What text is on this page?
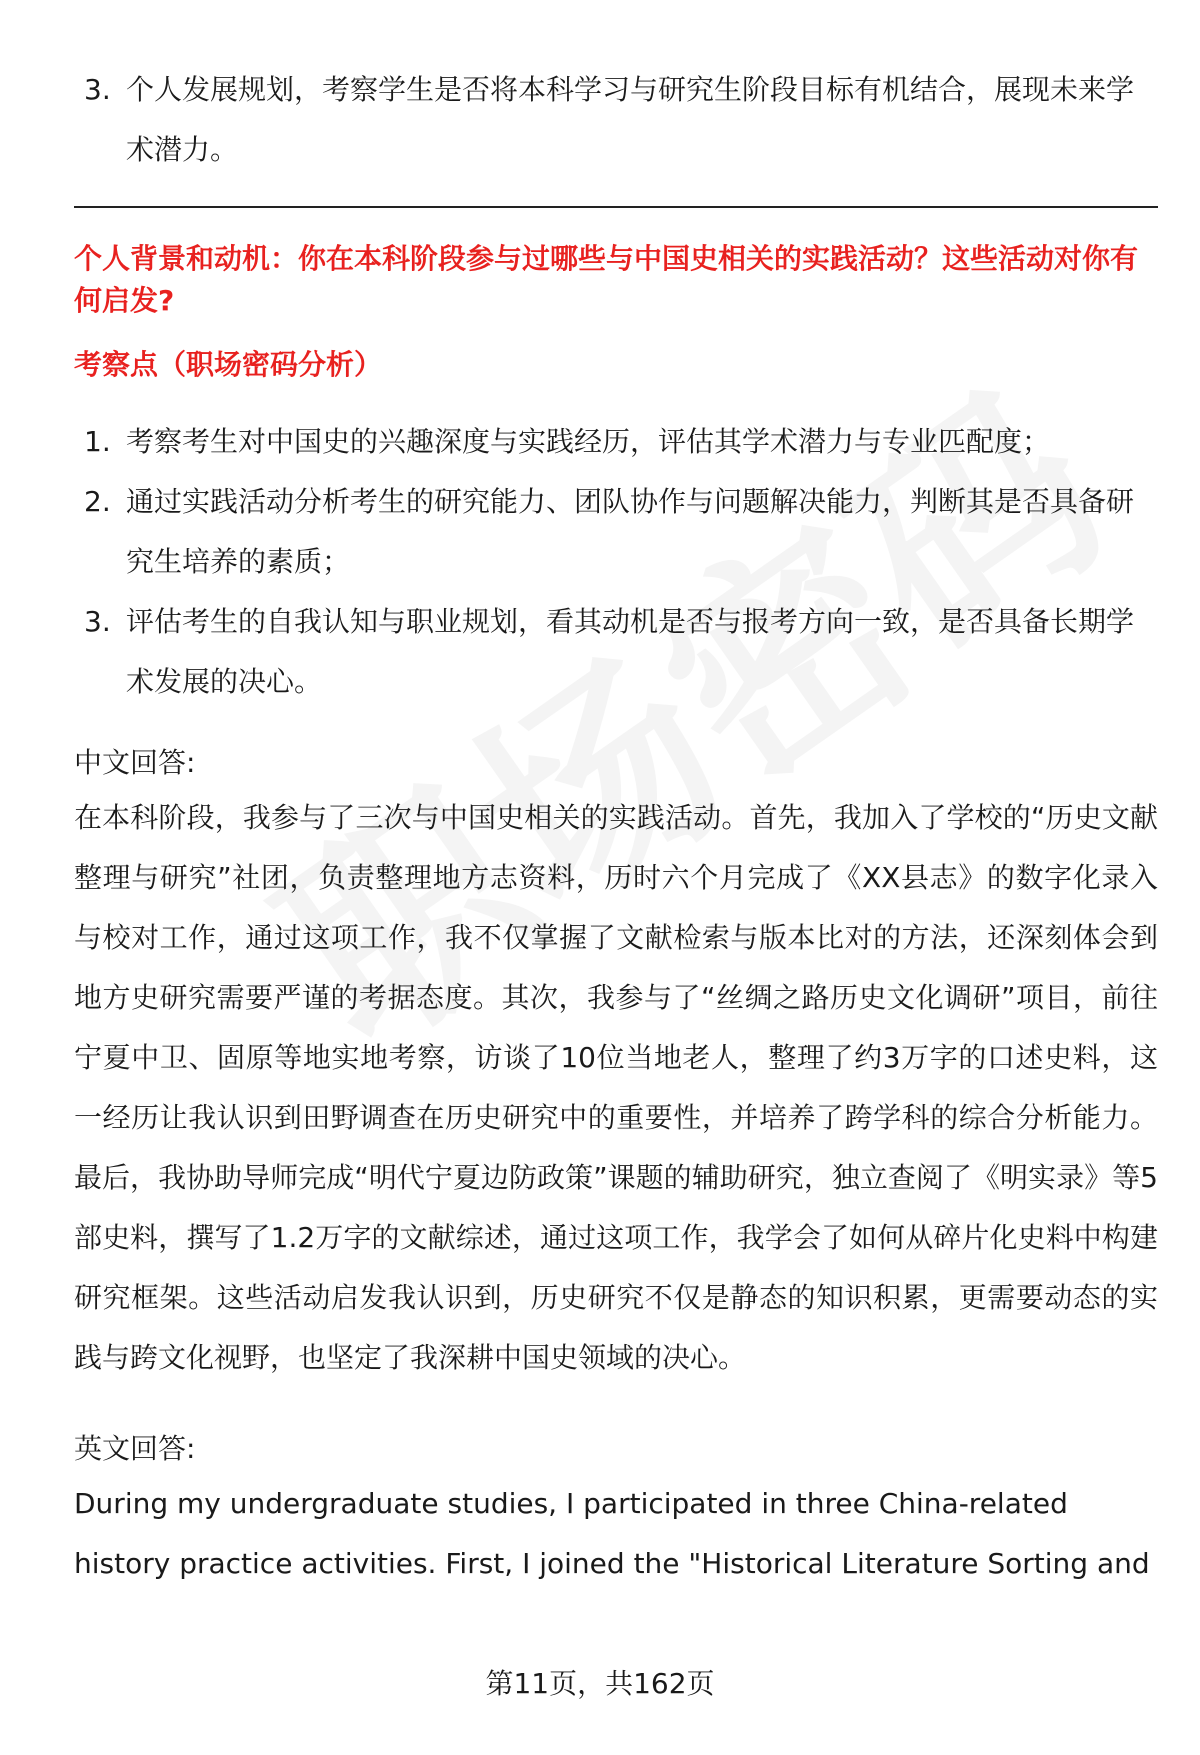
3. 个人发展规划，考察学生是否将本科学习与研究生阶段目标有机结合，展现未来学术潜力。

个人背景和动机：你在本科阶段参与过哪些与中国史相关的实践活动？这些活动对你有何启发?

考察点（职场密码分析）

1. 考察考生对中国史的兴趣深度与实践经历，评估其学术潜力与专业匹配度；
2. 通过实践活动分析考生的研究能力、团队协作与问题解决能力，判断其是否具备研究生培养的素质；
3. 评估考生的自我认知与职业规划，看其动机是否与报考方向一致，是否具备长期学术发展的决心。

中文回答:

在本科阶段，我参与了三次与中国史相关的实践活动。首先，我加入了学校的“历史文献整理与研究”社团，负责整理地方志资料，历时六个月完成了《XX县志》的数字化录入与校对工作，通过这项工作，我不仅掌握了文献检索与版本比对的方法，还深刻体会到地方史研究需要严谨的考据态度。其次，我参与了“丝绸之路历史文化调研”项目，前往宁夏中卫、固原等地实地考察，访谈了10位当地老人，整理了约3万字的口述史料，这一经历让我认识到田野调查在历史研究中的重要性，并培养了跨学科的综合分析能力。最后，我协助导师完成“明代宁夏边防政策”课题的辅助研究，独立查阅了《明实录》等5部史料，撰写了1.2万字的文献综述，通过这项工作，我学会了如何从碎片化史料中构建研究框架。这些活动启发我认识到，历史研究不仅是静态的知识积累，更需要动态的实践与跨文化视野，也坚定了我深耕中国史领域的决心。

英文回答:

During my undergraduate studies, I participated in three China-related history practice activities. First, I joined the "Historical Literature Sorting and

第11页，共162页
